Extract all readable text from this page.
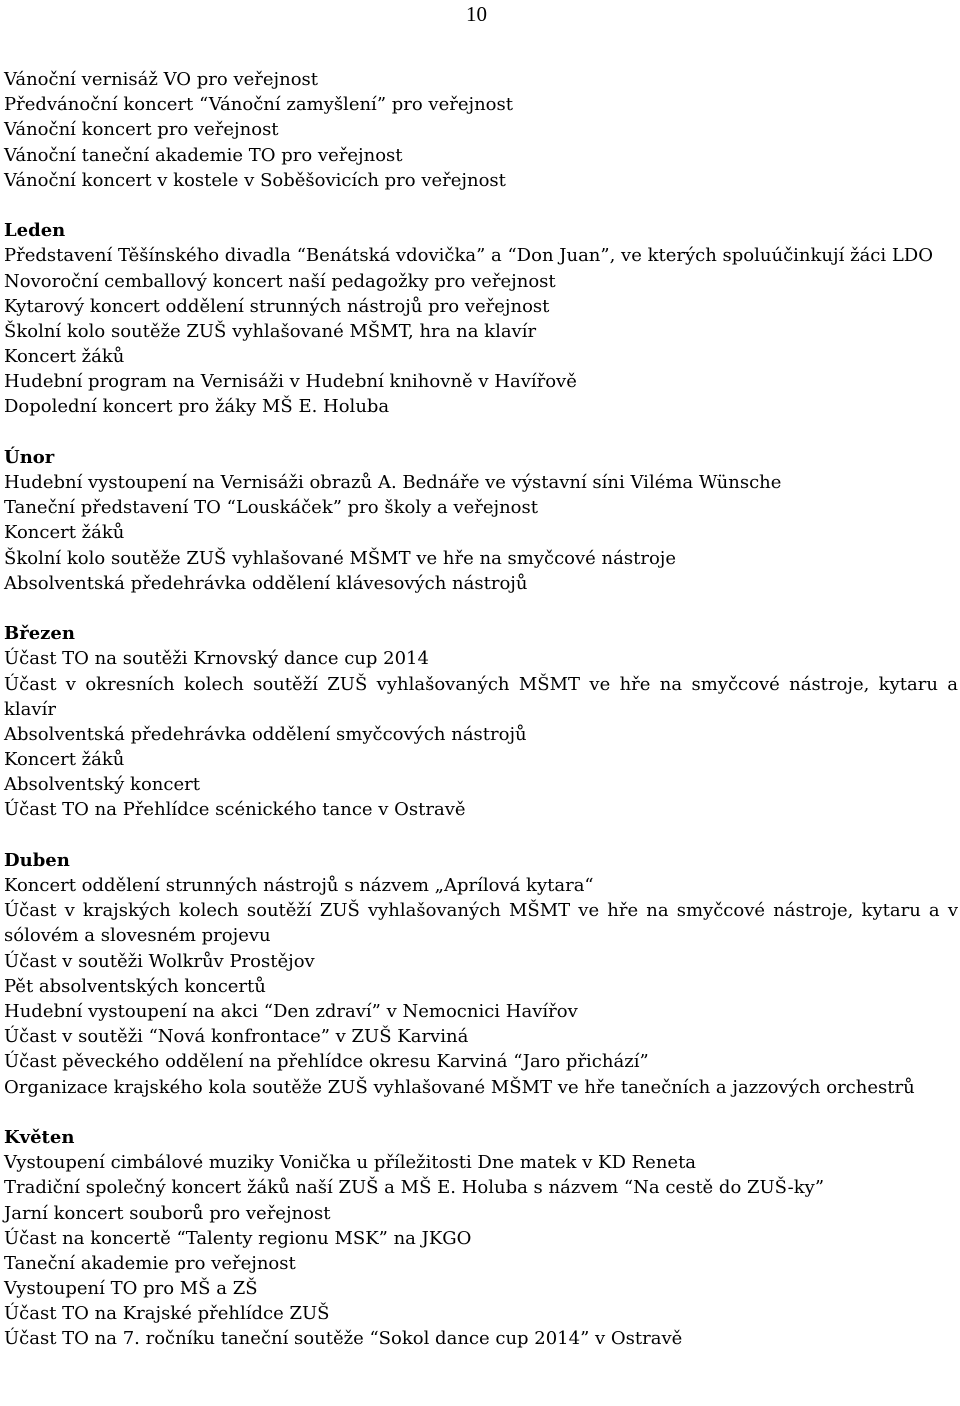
10
Vánoční vernisáž VO pro veřejnost
Předvánoční koncert “Vánoční zamyšlení” pro veřejnost
Vánoční koncert pro veřejnost
Vánoční taneční akademie TO pro veřejnost
Vánoční koncert v kostele v Soběšovicích pro veřejnost
Leden
Představení Těšínského divadla “Benátská vdovička” a “Don Juan”, ve kterých spoluúčinkují žáci LDO
Novoroční cemballový koncert naší pedagožky pro veřejnost
Kytarový koncert oddělení strunných nástrojů pro veřejnost
Školní kolo soutěže ZUŠ vyhlašované MŠMT, hra na klavír
Koncert žáků
Hudební program na Vernisáži v Hudební knihovně v Havířově
Dopolední koncert pro žáky MŠ E. Holuba
Únor
Hudební vystoupení na Vernisáži obrazů A. Bednáře ve výstavní síni Viléma Wünsche
Taneční představení TO “Louskáček” pro školy a veřejnost
Koncert žáků
Školní kolo soutěže ZUŠ vyhlašované MŠMT ve hře na smyčcové nástroje
Absolventská předehrávka oddělení klávesových nástrojů
Březen
Účast TO na soutěži Krnovský dance cup 2014
Účast v okresních kolech soutěží ZUŠ vyhlašovaných MŠMT ve hře na smyčcové nástroje, kytaru a klavír
Absolventská předehrávka oddělení smyčcových nástrojů
Koncert žáků
Absolventský koncert
Účast TO na Přehlídce scénického tance v Ostravě
Duben
Koncert oddělení strunných nástrojů s názvem „Aprílová kytara“
Účast v krajských kolech soutěží ZUŠ vyhlašovaných MŠMT ve hře na smyčcové nástroje, kytaru a v sólovém a slovesném projevu
Účast v soutěži Wolkrův Prostějov
Pět absolventských koncertů
Hudební vystoupení na akci “Den zdraví” v Nemocnici Havířov
Účast v soutěži “Nová konfrontace” v ZUŠ Karviná
Účast pěveckého oddělení na přehlídce okresu Karviná “Jaro přichází”
Organizace krajského kola soutěže ZUŠ vyhlašované MŠMT ve hře tanečních a jazzových orchestrů
Květen
Vystoupení cimbálové muziky Vonička u příležitosti Dne matek v KD Reneta
Tradiční společný koncert žáků naší ZUŠ a MŠ E. Holuba s názvem “Na cestě do ZUŠ-ky”
Jarní koncert souborů pro veřejnost
Účast na koncertě “Talenty regionu MSK” na JKGO
Taneční akademie pro veřejnost
Vystoupení TO pro MŠ a ZŠ
Účast TO na Krajské přehlídce ZUŠ
Účast TO na 7. ročníku taneční soutěže “Sokol dance cup 2014” v Ostravě
